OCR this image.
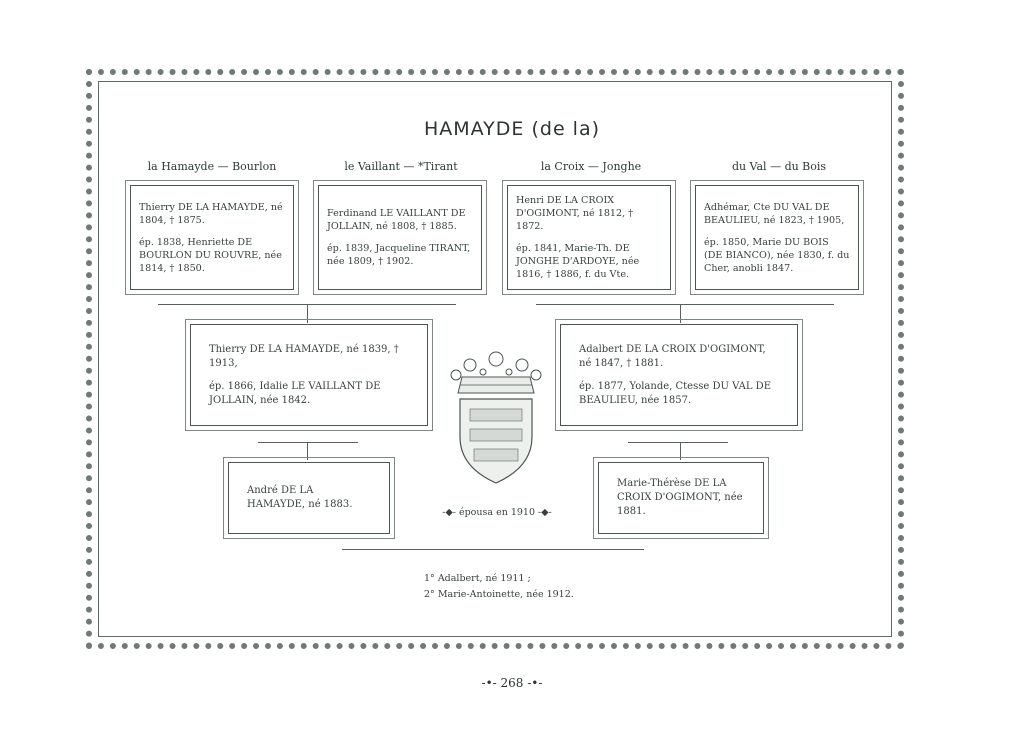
HAMAYDE (de la)
la Hamayde — Bourlon	le Vaillant — *Tirant	la Croix — Jonghe	du Val — du Bois

Thierry DE LA HAMAYDE, né 1804, † 1875.

ép. 1838, Henriette DE BOURLON DU ROUVRE, née 1814, † 1850.

Ferdinand LE VAILLANT DE JOLLAIN, né 1808, † 1885.

ép. 1839, Jacqueline TIRANT, née 1809, † 1902.

Henri DE LA CROIX D'OGIMONT, né 1812, † 1872.

ép. 1841, Marie-Th. DE JONGHE D'ARDOYE, née 1816, † 1886, f. du Vte.

Adhémar, Cte DU VAL DE BEAULIEU, né 1823, † 1905,

ép. 1850, Marie DU BOIS (DE BIANCO), née 1830, f. du Cher, anobli 1847.

Thierry DE LA HAMAYDE, né 1839, † 1913,

ép. 1866, Idalie LE VAILLANT DE JOLLAIN, née 1842.

Adalbert DE LA CROIX D'OGIMONT, né 1847, † 1881.

ép. 1877, Yolande, Ctesse DU VAL DE BEAULIEU, née 1857.

André DE LA HAMAYDE, né 1883.

Marie-Thérèse DE LA CROIX D'OGIMONT, née 1881.

-◆- épousa en 1910 -◆-

1° Adalbert, né 1911 ;

2° Marie-Antoinette, née 1912.

-•- 268 -•-
